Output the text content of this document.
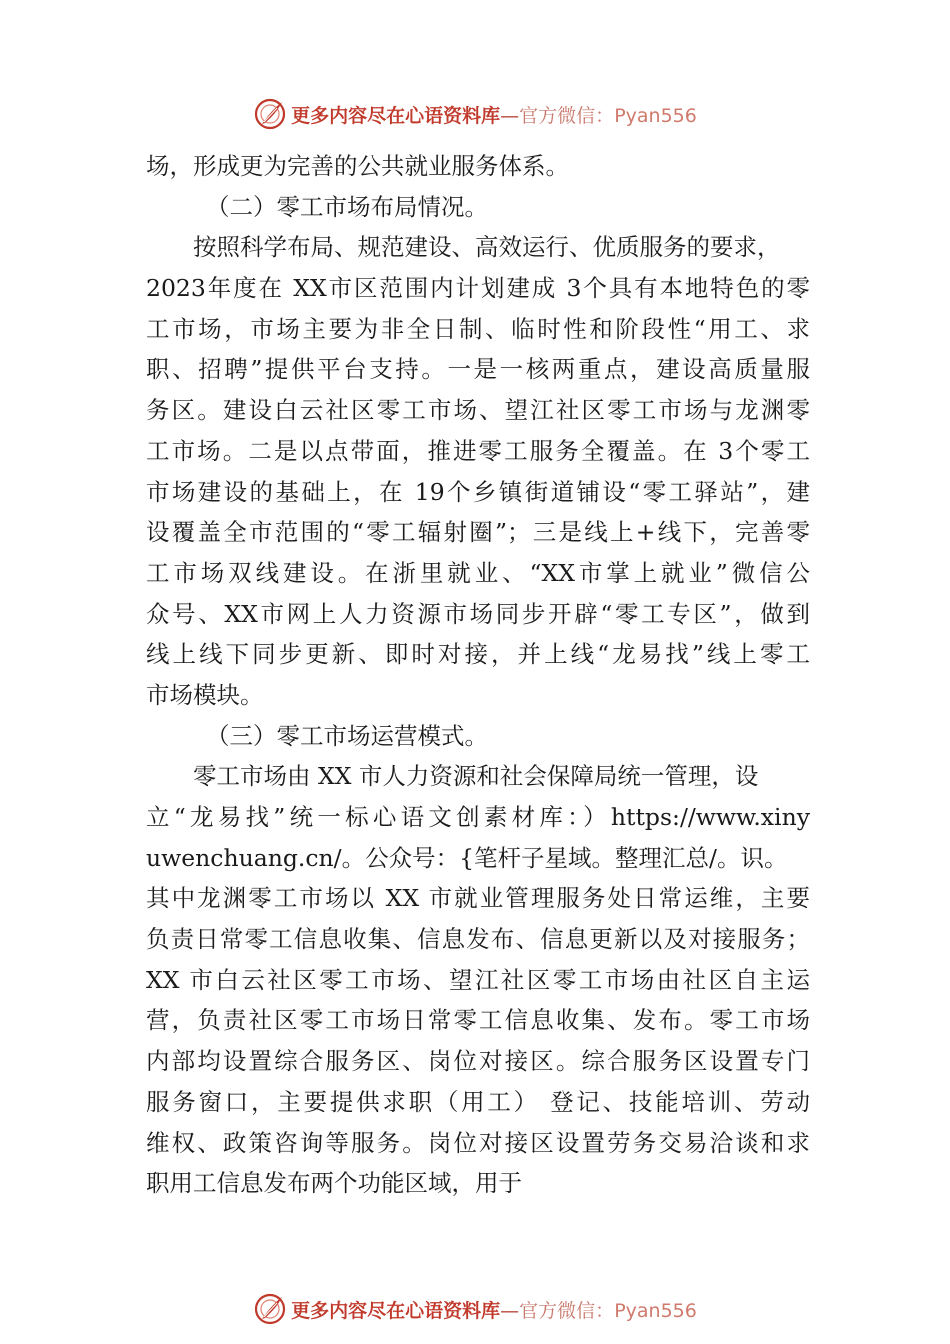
更多内容尽在心语资料库—官方微信：Pyan556
场，形成更为完善的公共就业服务体系。
（二）零工市场布局情况。
按照科学布局、规范建设、高效运行、优质服务的要求，
2023年度在 XX市区范围内计划建成 3个具有本地特色的零
工市场，市场主要为非全日制、临时性和阶段性“用工、求
职、招聘”提供平台支持。一是一核两重点，建设高质量服
务区。建设白云社区零工市场、望江社区零工市场与龙渊零
工市场。二是以点带面，推进零工服务全覆盖。在 3个零工
市场建设的基础上，在 19个乡镇街道铺设“零工驿站”，建
设覆盖全市范围的“零工辐射圈”；三是线上+线下，完善零
工市场双线建设。在浙里就业、“XX市掌上就业”微信公
众号、XX市网上人力资源市场同步开辟“零工专区”，做到
线上线下同步更新、即时对接，并上线“龙易找”线上零工
市场模块。
（三）零工市场运营模式。
零工市场由 XX 市人力资源和社会保障局统一管理，设
立“龙易找”统一标心语文创素材库：）https://www.xiny
uwenchuang.cn/。公众号：{笔杆子星域。整理汇总/。识。
其中龙渊零工市场以 XX 市就业管理服务处日常运维，主要
负责日常零工信息收集、信息发布、信息更新以及对接服务；
XX 市白云社区零工市场、望江社区零工市场由社区自主运
营，负责社区零工市场日常零工信息收集、发布。零工市场
内部均设置综合服务区、岗位对接区。综合服务区设置专门
服务窗口，主要提供求职（用工） 登记、技能培训、劳动
维权、政策咨询等服务。岗位对接区设置劳务交易洽谈和求
职用工信息发布两个功能区域，用于
更多内容尽在心语资料库—官方微信：Pyan556
